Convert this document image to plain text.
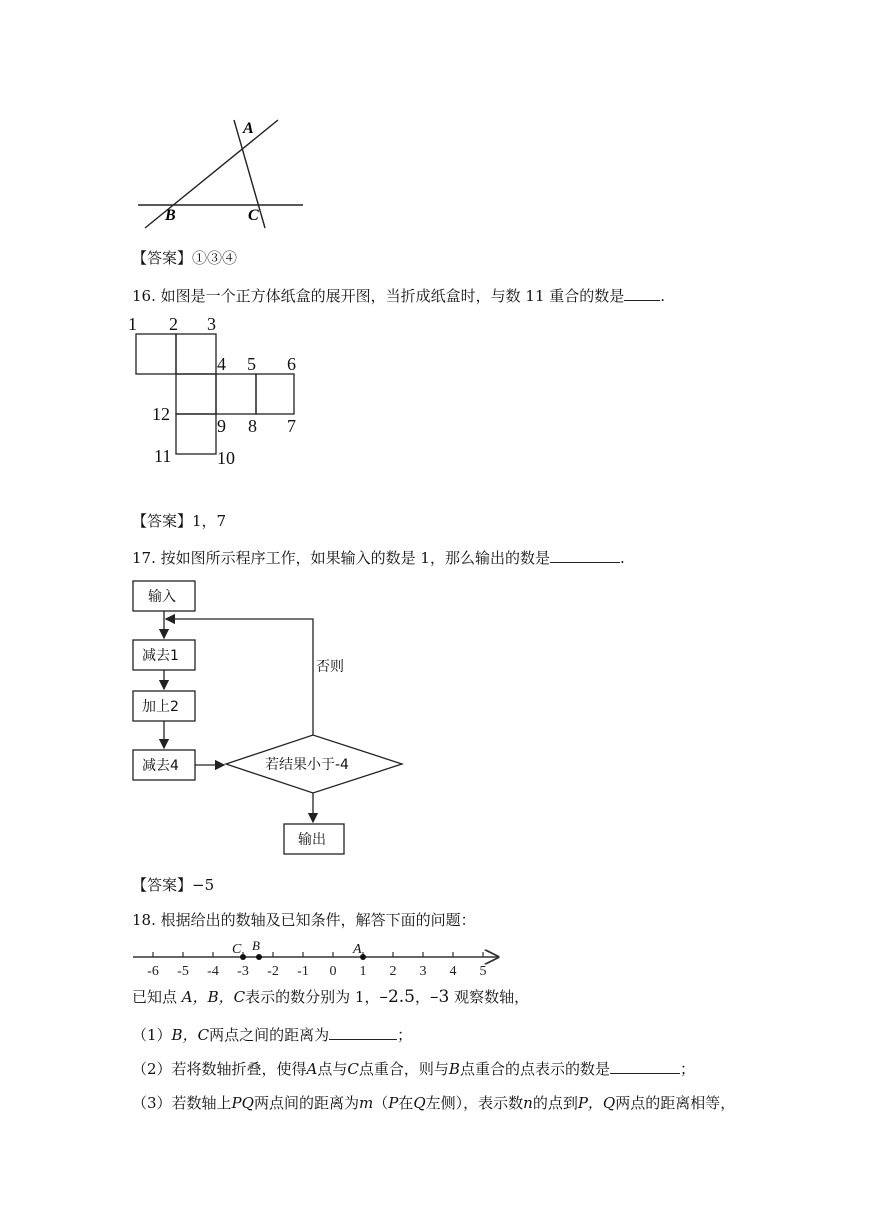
A
B	C
【答案】①③④
16. 如图是一个正方体纸盒的展开图，当折成纸盒时，与数 11 重合的数是 .
1 2 3
4 5 6
7
8
9
10
11
12
【答案】1，7
17. 按如图所示程序工作，如果输入的数是 1，那么输出的数是	.
输入
减去1
加上2
减去4	若结果小于-4
否则
输出
【答案】−5
18. 根据给出的数轴及已知条件，解答下面的问题：
-6 -5 -4 -3 -2 -1 0 1 2 3 4 5
C B	A
已知点 A，B，C表示的数分别为 1，–2.5，–3 观察数轴，
（1）B，C两点之间的距离为	；
（2）若将数轴折叠，使得A点与C点重合，则与B点重合的点表示的数是	；
（3）若数轴上PQ两点间的距离为m（P在Q左侧），表示数n的点到P，Q两点的距离相等，
